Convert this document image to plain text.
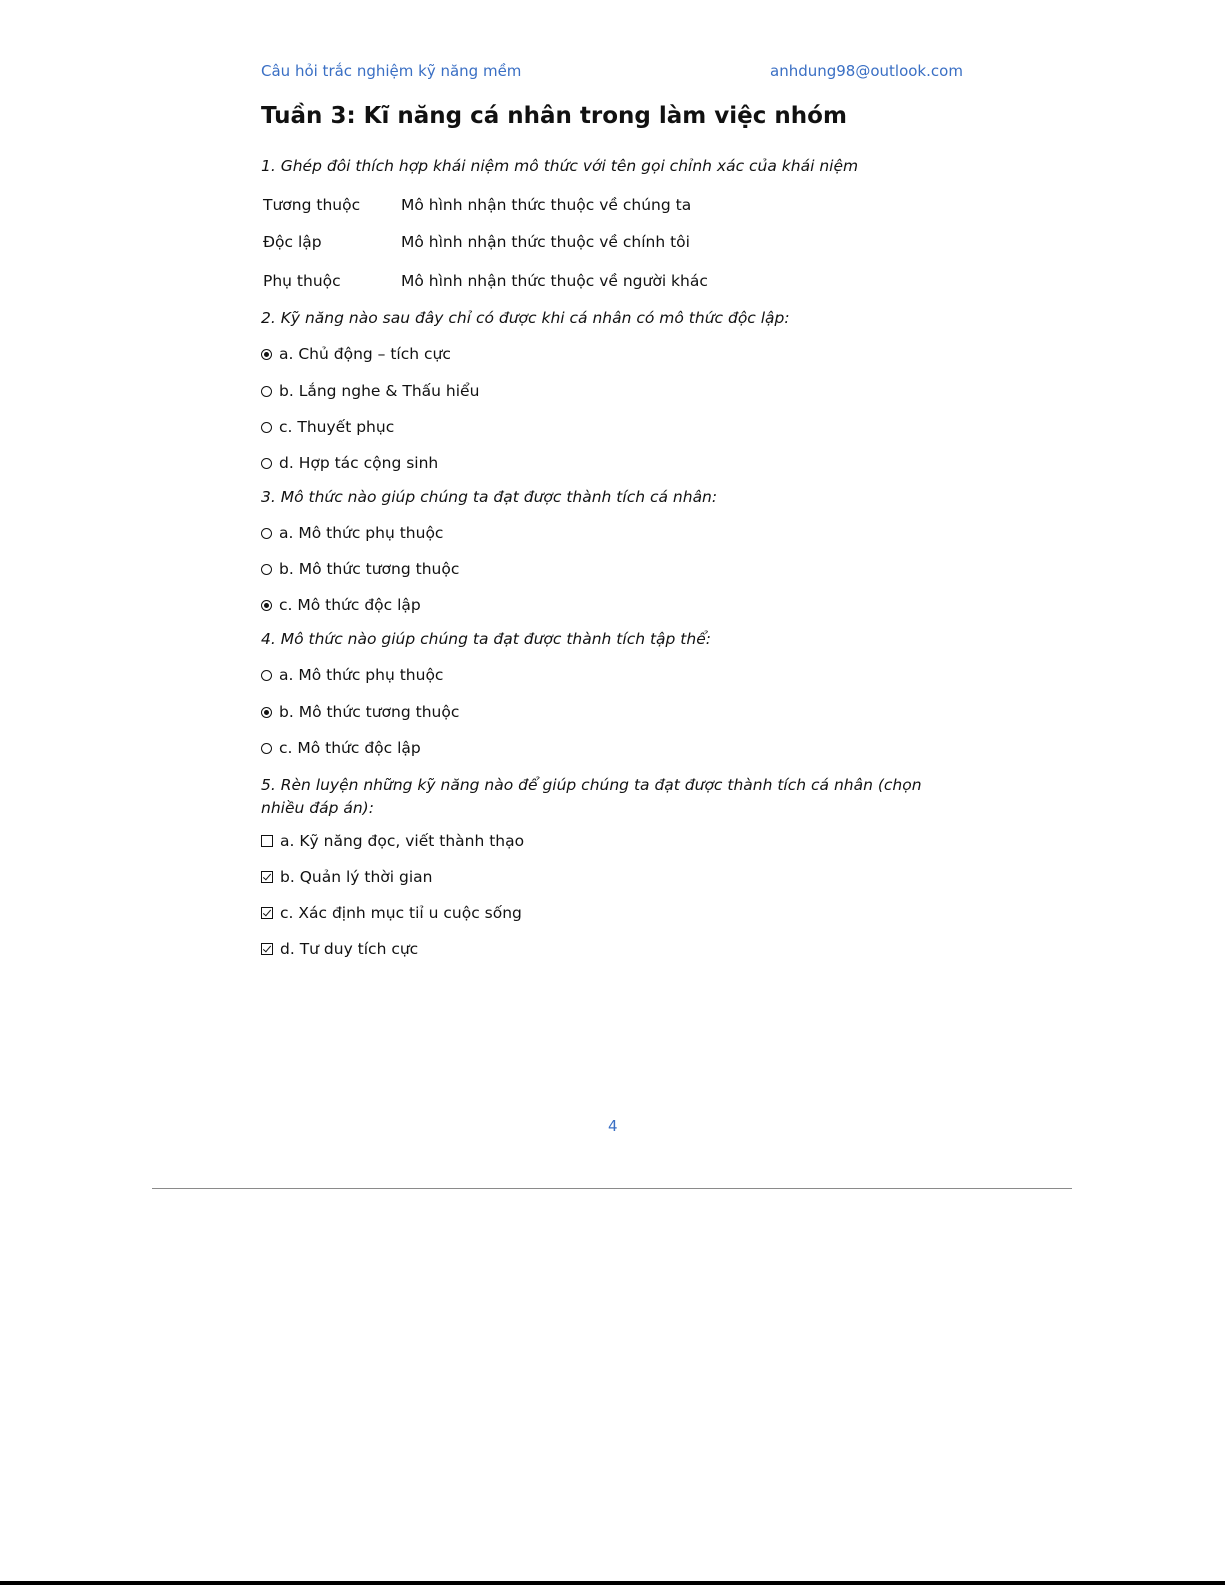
Câu hỏi trắc nghiệm kỹ năng mềm	anhdung98@outlook.com
Tuần 3: Kĩ năng cá nhân trong làm việc nhóm
1. Ghép đôi thích hợp khái niệm mô thức với tên gọi chỉnh xác của khái niệm
Tương thuộc	Mô hình nhận thức thuộc về chúng ta
Độc lập	Mô hình nhận thức thuộc về chính tôi
Phụ thuộc	Mô hình nhận thức thuộc về người khác
2. Kỹ năng nào sau đây chỉ có được khi cá nhân có mô thức độc lập:
a. Chủ động – tích cực
b. Lắng nghe & Thấu hiểu
c. Thuyết phục
d. Hợp tác cộng sinh
3. Mô thức nào giúp chúng ta đạt được thành tích cá nhân:
a. Mô thức phụ thuộc
b. Mô thức tương thuộc
c. Mô thức độc lập
4. Mô thức nào giúp chúng ta đạt được thành tích tập thể:
a. Mô thức phụ thuộc
b. Mô thức tương thuộc
c. Mô thức độc lập
5. Rèn luyện những kỹ năng nào để giúp chúng ta đạt được thành tích cá nhân (chọn nhiều đáp án):
a. Kỹ năng đọc, viết thành thạo
b. Quản lý thời gian
c. Xác định mục tiỉ u cuộc sống
d. Tư duy tích cực
4
